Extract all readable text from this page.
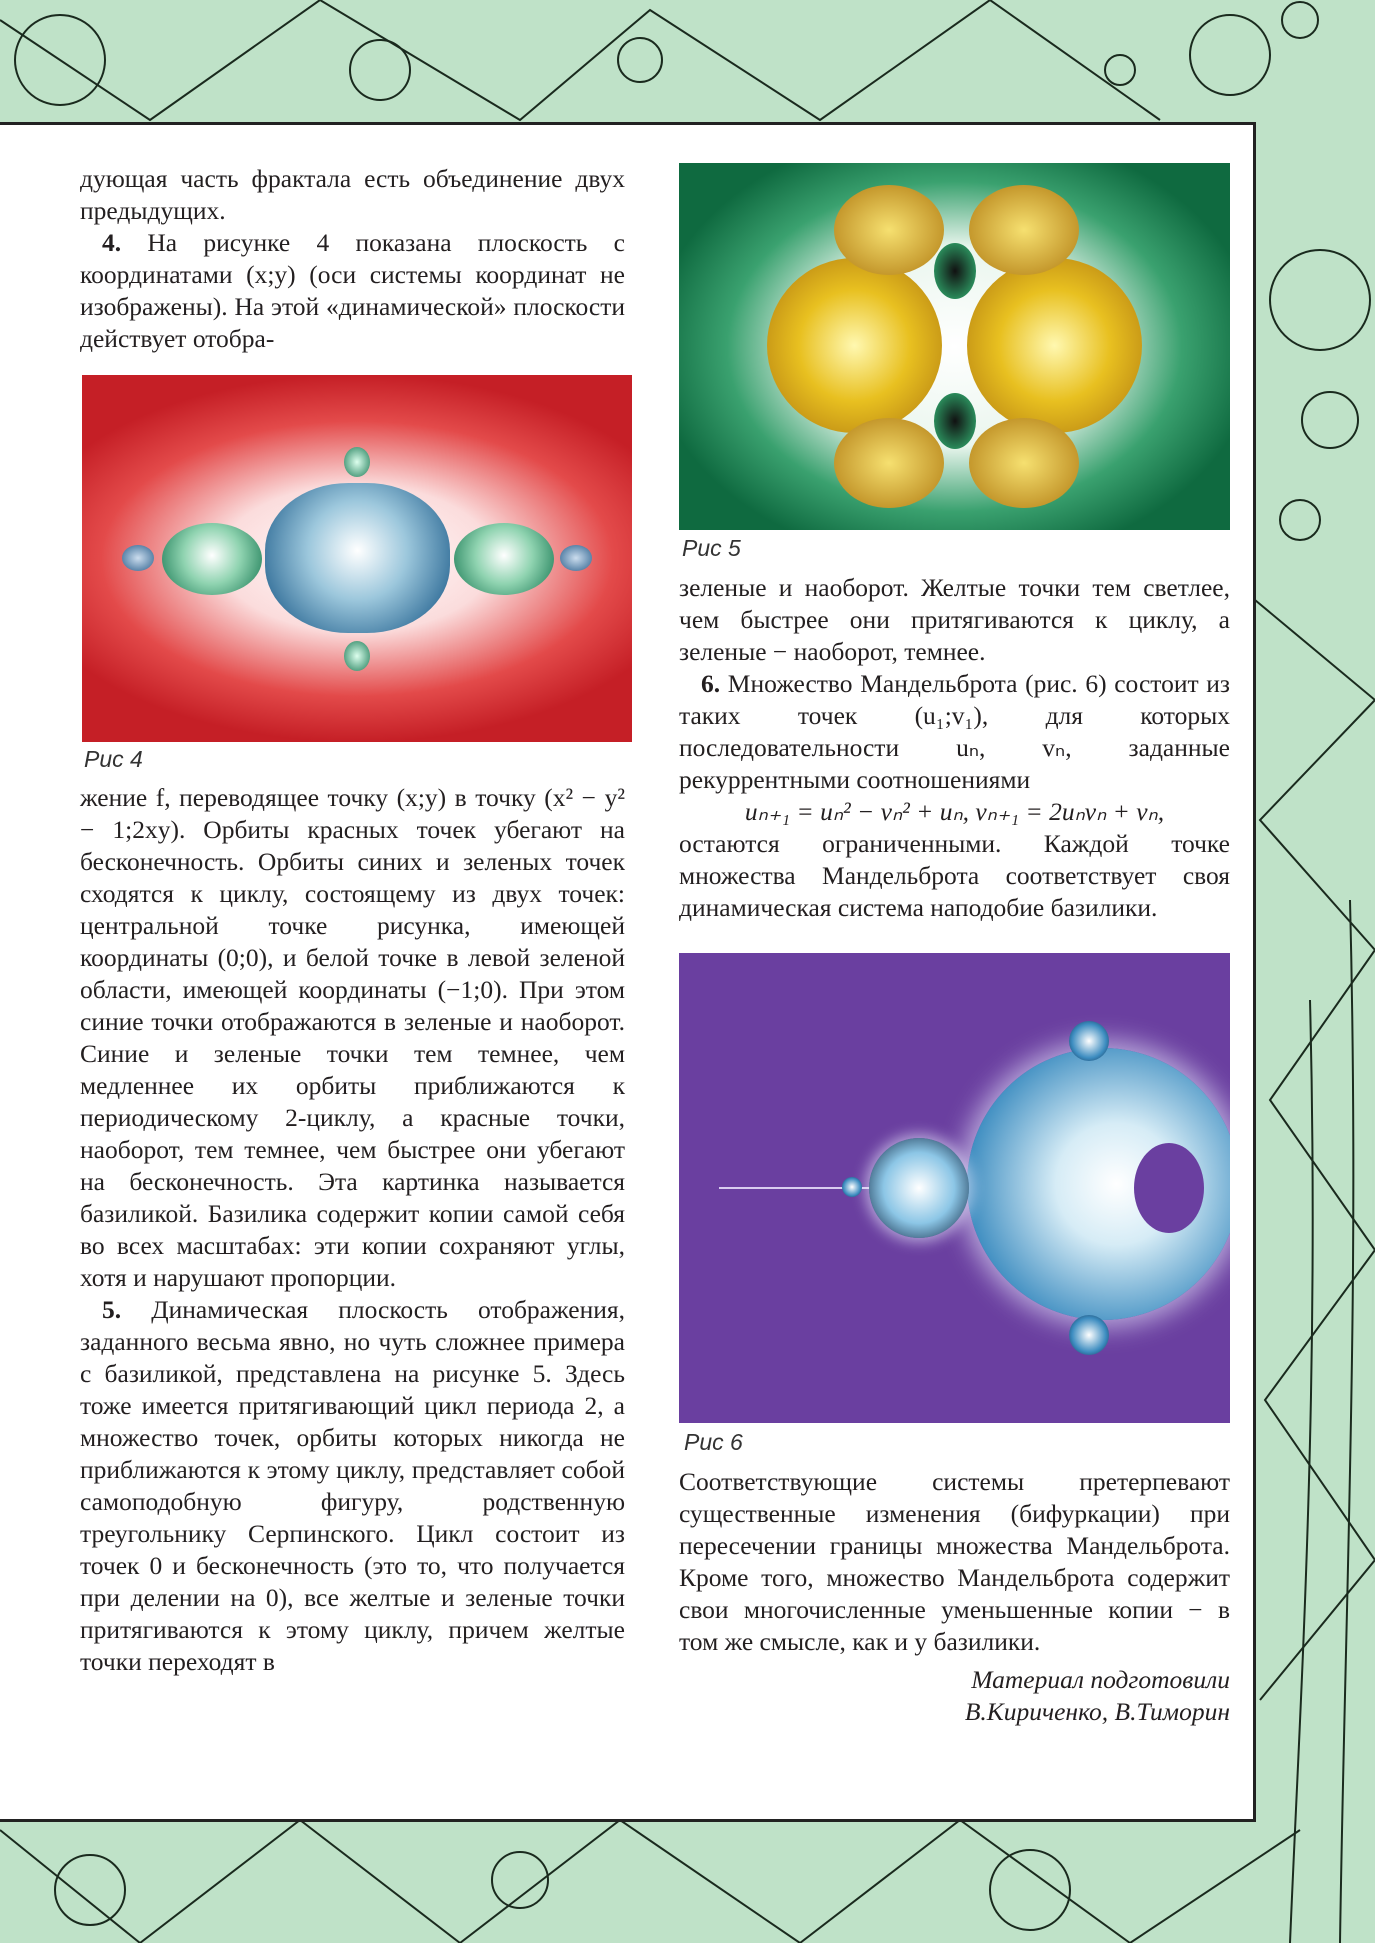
дующая часть фрактала есть объединение двух предыдущих.

4. На рисунке 4 показана плоскость с координатами (x;y) (оси системы координат не изображены). На этой «динамической» плоскости действует отобра-

Рис 4

жение f, переводящее точку (x;y) в точку (x² − y² − 1;2xy). Орбиты красных точек убегают на бесконечность. Орбиты синих и зеленых точек сходятся к циклу, состоящему из двух точек: центральной точке рисунка, имеющей координаты (0;0), и белой точке в левой зеленой области, имеющей координаты (−1;0). При этом синие точки отображаются в зеленые и наоборот. Синие и зеленые точки тем темнее, чем медленнее их орбиты приближаются к периодическому 2-циклу, а красные точки, наоборот, тем темнее, чем быстрее они убегают на бесконечность. Эта картинка называется базиликой. Базилика содержит копии самой себя во всех масштабах: эти копии сохраняют углы, хотя и нарушают пропорции.

5. Динамическая плоскость отображения, заданного весьма явно, но чуть сложнее примера с базиликой, представлена на рисунке 5. Здесь тоже имеется притягивающий цикл периода 2, а множество точек, орбиты которых никогда не приближаются к этому циклу, представляет собой самоподобную фигуру, родственную треугольнику Серпинского. Цикл состоит из точек 0 и бесконечность (это то, что получается при делении на 0), все желтые и зеленые точки притягиваются к этому циклу, причем желтые точки переходят в

Рис 5

зеленые и наоборот. Желтые точки тем светлее, чем быстрее они притягиваются к циклу, а зеленые − наоборот, темнее.

6. Множество Мандельброта (рис. 6) состоит из таких точек (u₁;v₁), для которых последовательности uₙ, vₙ, заданные рекуррентными соотношениями

uₙ₊₁ = uₙ² − vₙ² + uₙ, vₙ₊₁ = 2uₙvₙ + vₙ,

остаются ограниченными. Каждой точке множества Мандельброта соответствует своя динамическая система наподобие базилики.

Рис 6

Соответствующие системы претерпевают существенные изменения (бифуркации) при пересечении границы множества Мандельброта. Кроме того, множество Мандельброта содержит свои многочисленные уменьшенные копии − в том же смысле, как и у базилики.

Материал подготовили

В.Кириченко, В.Тиморин
